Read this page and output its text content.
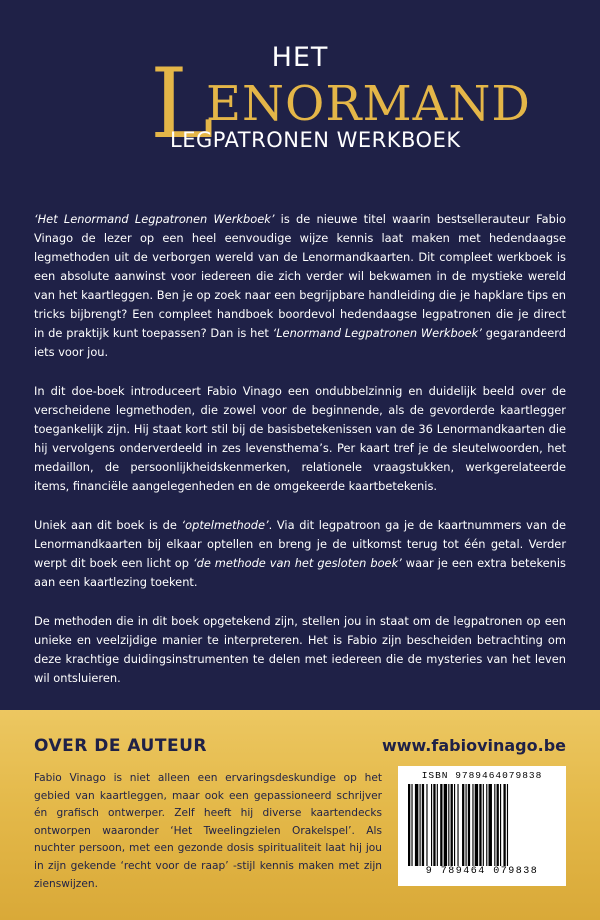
HET
L
ENORMAND
LEGPATRONEN WERKBOEK

‘Het Lenormand Legpatronen Werkboek’ is de nieuwe titel waarin bestsellerauteur Fabio Vinago de lezer op een heel eenvoudige wijze kennis laat maken met hedendaagse legmethoden uit de verborgen wereld van de Lenormandkaarten. Dit compleet werkboek is een absolute aanwinst voor iedereen die zich verder wil bekwamen in de mystieke wereld van het kaartleggen. Ben je op zoek naar een begrijpbare handleiding die je hapklare tips en tricks bijbrengt? Een compleet handboek boordevol hedendaagse legpatronen die je direct in de praktijk kunt toepassen? Dan is het ‘Lenormand Legpatronen Werkboek’ gegarandeerd iets voor jou.

In dit doe-boek introduceert Fabio Vinago een ondubbelzinnig en duidelijk beeld over de verscheidene legmethoden, die zowel voor de beginnende, als de gevorderde kaartlegger toegankelijk zijn. Hij staat kort stil bij de basisbetekenissen van de 36 Lenormandkaarten die hij vervolgens onderverdeeld in zes levensthema’s. Per kaart tref je de sleutelwoorden, het medaillon, de persoonlijkheidskenmerken, relationele vraagstukken, werkgerelateerde items, financiële aangelegenheden en de omgekeerde kaartbetekenis.

Uniek aan dit boek is de ‘optelmethode’. Via dit legpatroon ga je de kaartnummers van de Lenormandkaarten bij elkaar optellen en breng je de uitkomst terug tot één getal. Verder werpt dit boek een licht op ‘de methode van het gesloten boek’ waar je een extra betekenis aan een kaartlezing toekent.

De methoden die in dit boek opgetekend zijn, stellen jou in staat om de legpatronen op een unieke en veelzijdige manier te interpreteren. Het is Fabio zijn bescheiden betrachting om deze krachtige duidingsinstrumenten te delen met iedereen die de mysteries van het leven wil ontsluieren.

OVER DE AUTEUR	www.fabiovinago.be
Fabio Vinago is niet alleen een ervaringsdeskundige op het gebied van kaartleggen, maar ook een gepassioneerd schrijver én grafisch ontwerper. Zelf heeft hij diverse kaartendecks ontworpen waaronder ‘Het Tweelingzielen Orakelspel’. Als nuchter persoon, met een gezonde dosis spiritualiteit laat hij jou in zijn gekende ‘recht voor de raap’ -stijl kennis maken met zijn zienswijzen.
ISBN 9789464079838
9 789464 079838
